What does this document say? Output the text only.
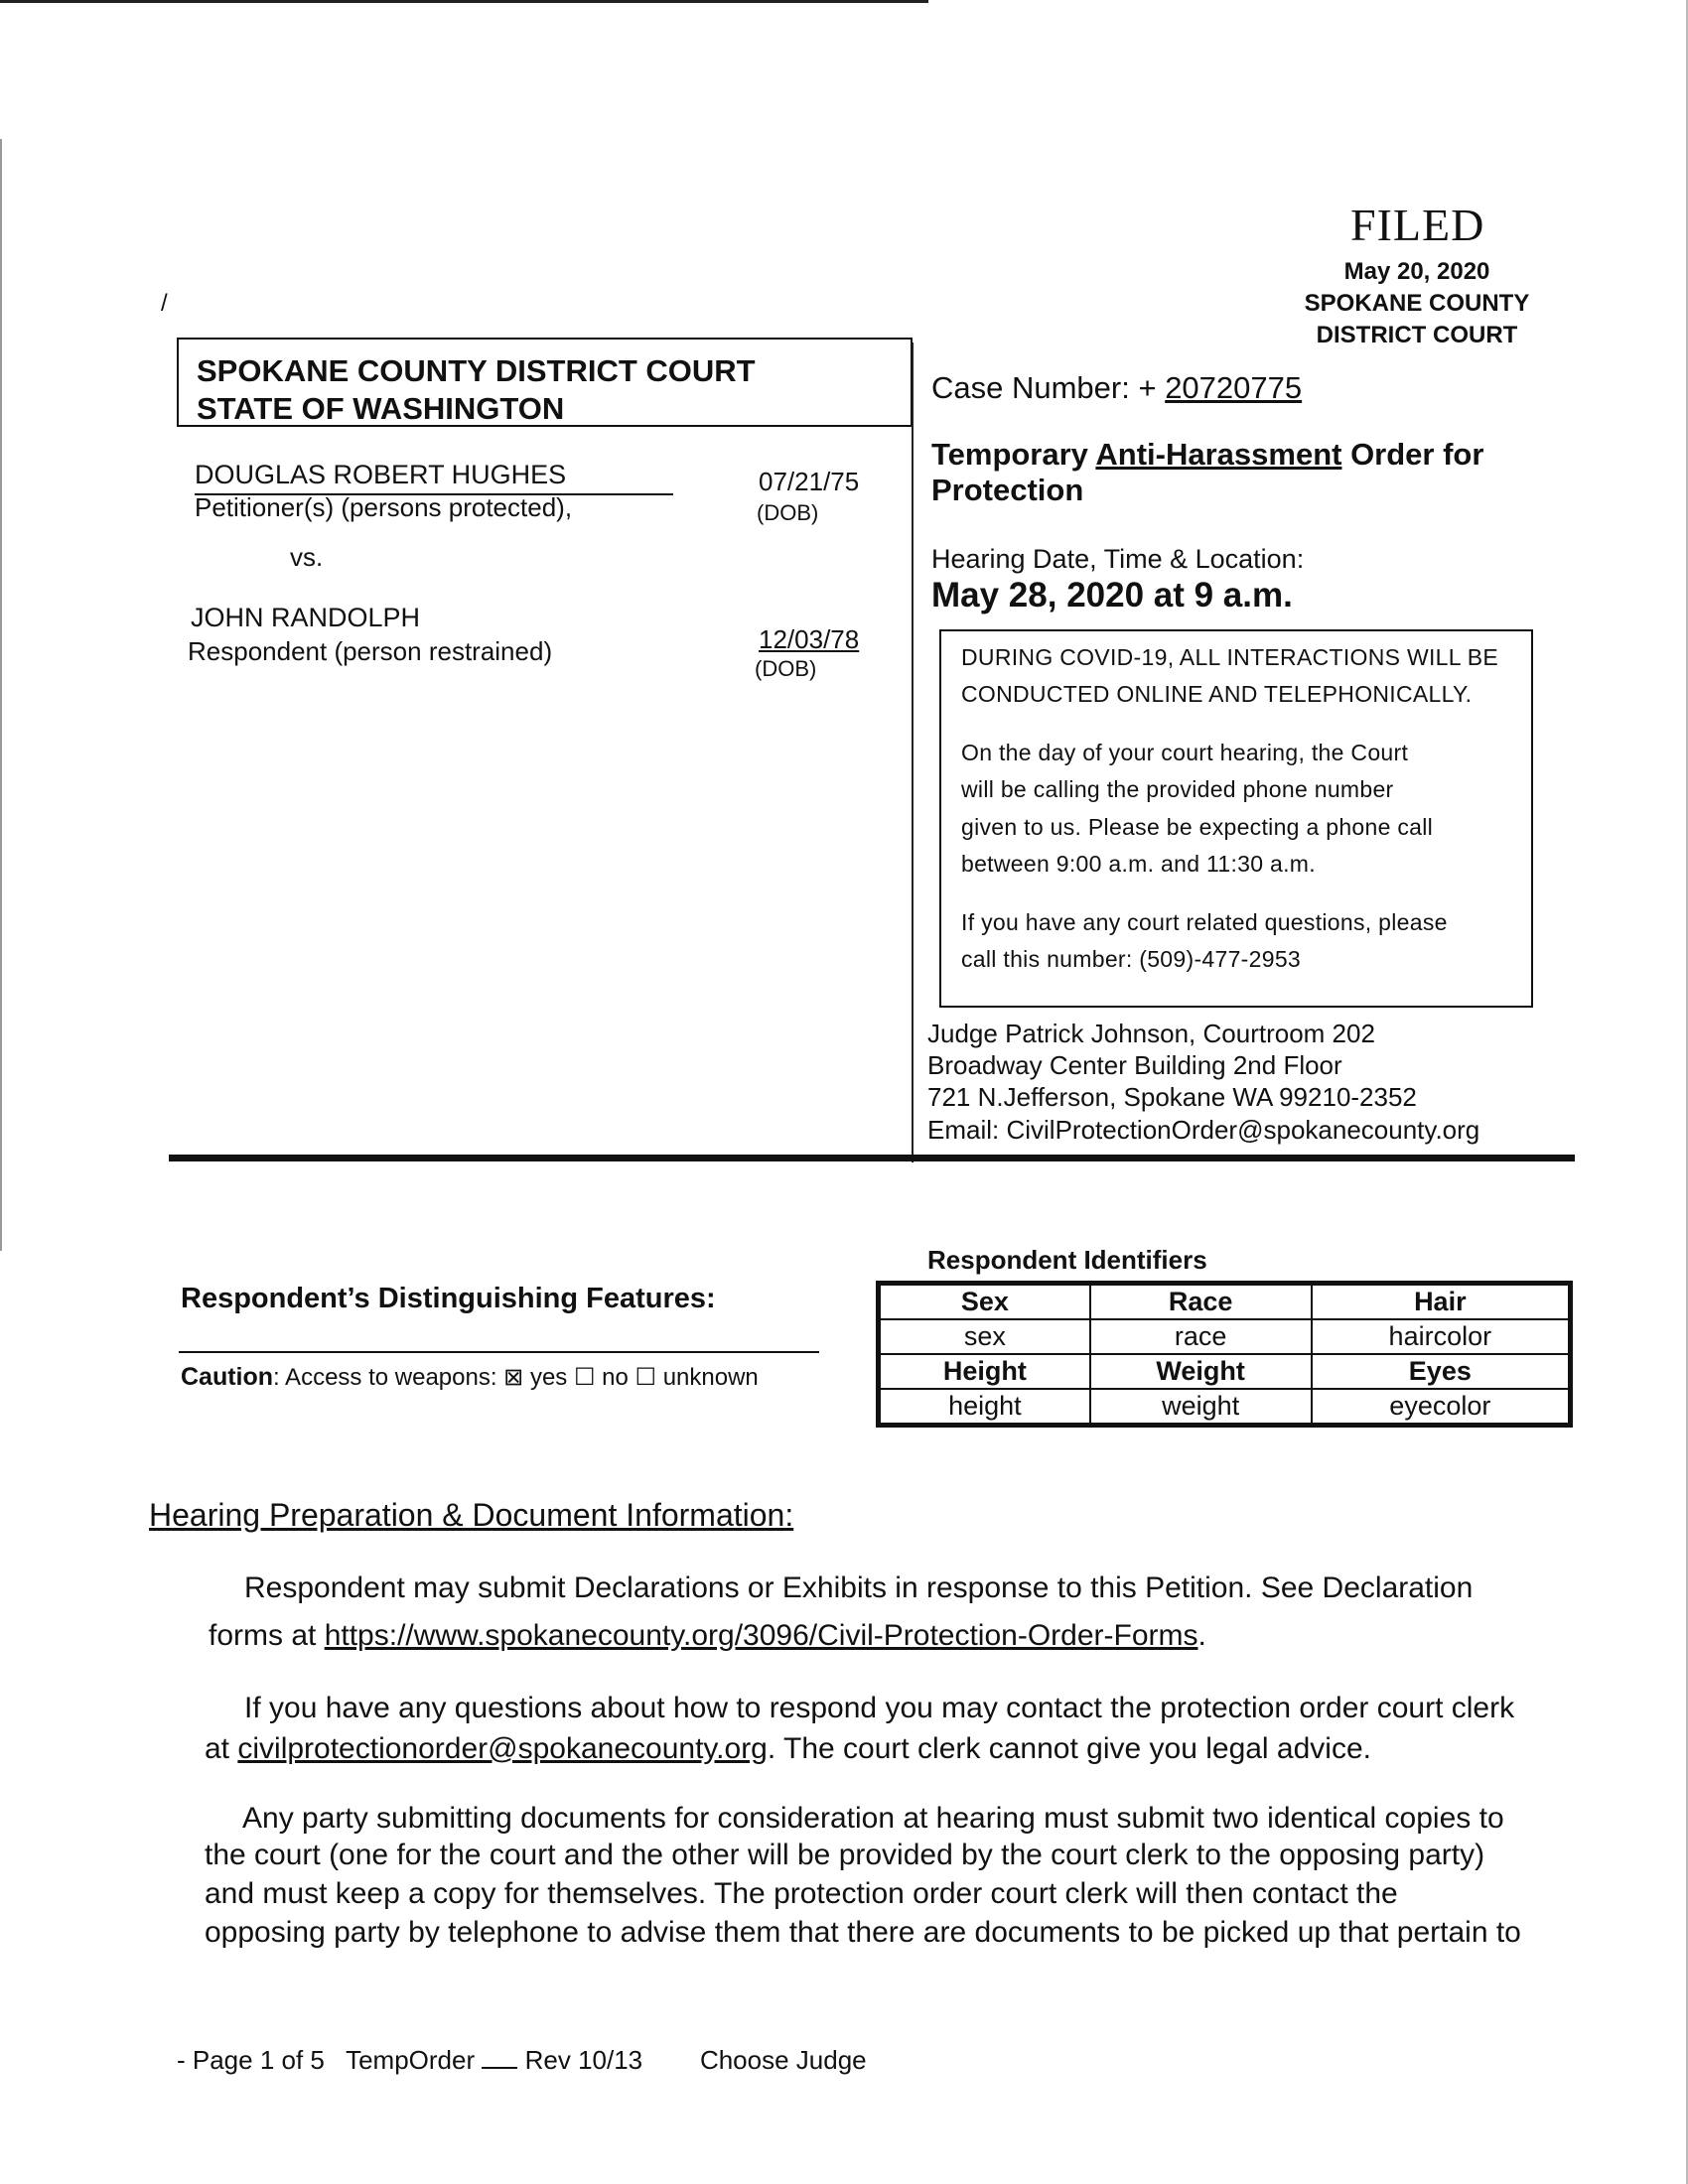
FILED
May 20, 2020
SPOKANE COUNTY
DISTRICT COURT
/
SPOKANE COUNTY DISTRICT COURT
STATE OF WASHINGTON
DOUGLAS ROBERT HUGHES
Petitioner(s) (persons protected),
07/21/75
(DOB)
vs.
JOHN RANDOLPH
Respondent (person restrained)	12/03/78
(DOB)
Case Number: + 20720775
Temporary Anti-Harassment Order for
Protection
Hearing Date, Time & Location:
May 28, 2020 at 9 a.m.
DURING COVID-19, ALL INTERACTIONS WILL BE
CONDUCTED ONLINE AND TELEPHONICALLY.
On the day of your court hearing, the Court
will be calling the provided phone number
given to us. Please be expecting a phone call
between 9:00 a.m. and 11:30 a.m.
If you have any court related questions, please
call this number: (509)-477-2953
Judge Patrick Johnson, Courtroom 202
Broadway Center Building 2nd Floor
721 N.Jefferson, Spokane WA 99210-2352
Email: CivilProtectionOrder@spokanecounty.org
Respondent’s Distinguishing Features:
Caution: Access to weapons: ⊠ yes ☐ no ☐ unknown
Respondent Identifiers
Sex	Race	Hair
sex	race	haircolor
Height	Weight	Eyes
height	weight	eyecolor
Hearing Preparation & Document Information:
Respondent may submit Declarations or Exhibits in response to this Petition. See Declaration
forms at https://www.spokanecounty.org/3096/Civil-Protection-Order-Forms.
If you have any questions about how to respond you may contact the protection order court clerk
at civilprotectionorder@spokanecounty.org. The court clerk cannot give you legal advice.
Any party submitting documents for consideration at hearing must submit two identical copies to
the court (one for the court and the other will be provided by the court clerk to the opposing party)
and must keep a copy for themselves. The protection order court clerk will then contact the
opposing party by telephone to advise them that there are documents to be picked up that pertain to
- Page 1 of 5 TempOrder Rev 10/13 Choose Judge
